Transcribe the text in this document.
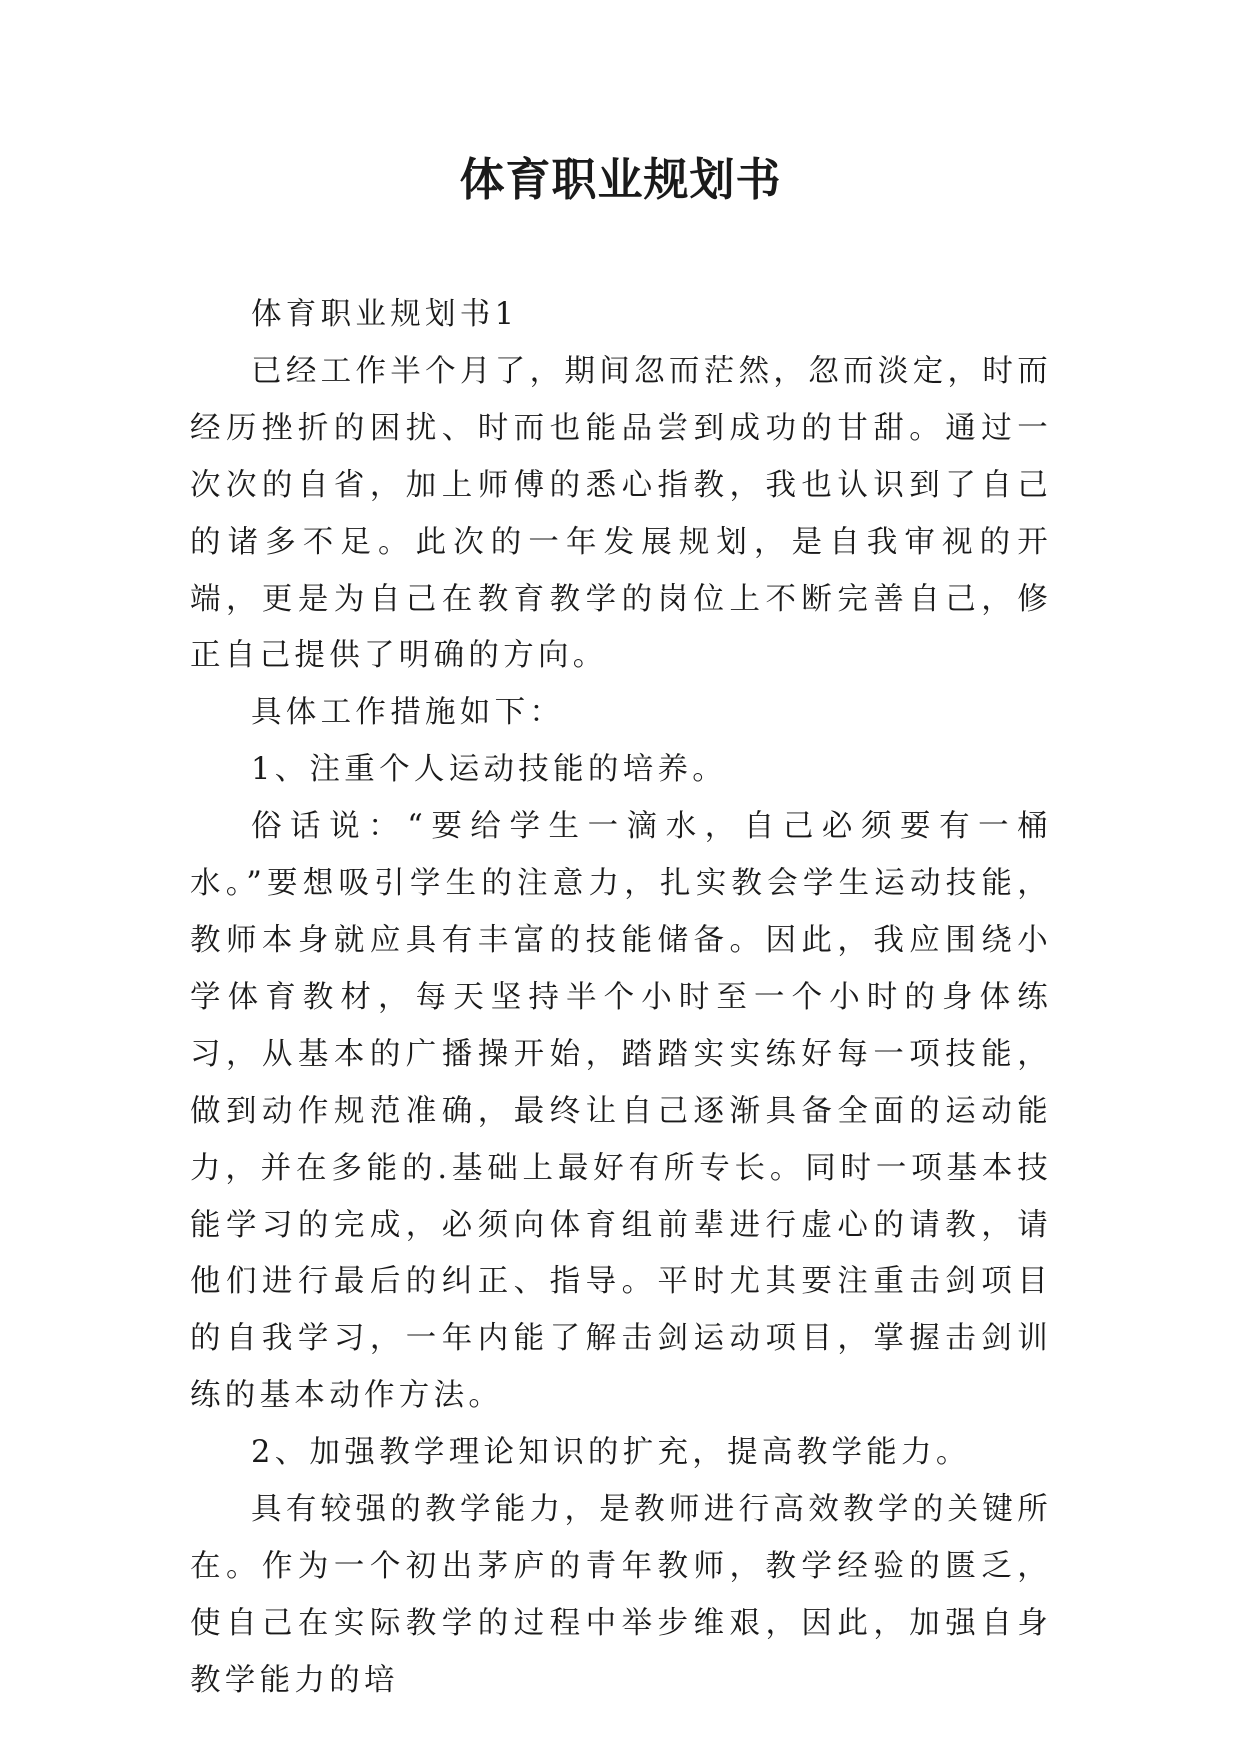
体育职业规划书

体育职业规划书1

已经工作半个月了，期间忽而茫然，忽而淡定，时而经历挫折的困扰、时而也能品尝到成功的甘甜。通过一次次的自省，加上师傅的悉心指教，我也认识到了自己的诸多不足。此次的一年发展规划，是自我审视的开端，更是为自己在教育教学的岗位上不断完善自己，修正自己提供了明确的方向。

具体工作措施如下：

1、注重个人运动技能的培养。

俗话说：“要给学生一滴水，自己必须要有一桶水。”要想吸引学生的注意力，扎实教会学生运动技能，教师本身就应具有丰富的技能储备。因此，我应围绕小学体育教材，每天坚持半个小时至一个小时的身体练习，从基本的广播操开始，踏踏实实练好每一项技能，做到动作规范准确，最终让自己逐渐具备全面的运动能力，并在多能的.基础上最好有所专长。同时一项基本技能学习的完成，必须向体育组前辈进行虚心的请教，请他们进行最后的纠正、指导。平时尤其要注重击剑项目的自我学习，一年内能了解击剑运动项目，掌握击剑训练的基本动作方法。

2、加强教学理论知识的扩充，提高教学能力。

具有较强的教学能力，是教师进行高效教学的关键所在。作为一个初出茅庐的青年教师，教学经验的匮乏，使自己在实际教学的过程中举步维艰，因此，加强自身教学能力的培
